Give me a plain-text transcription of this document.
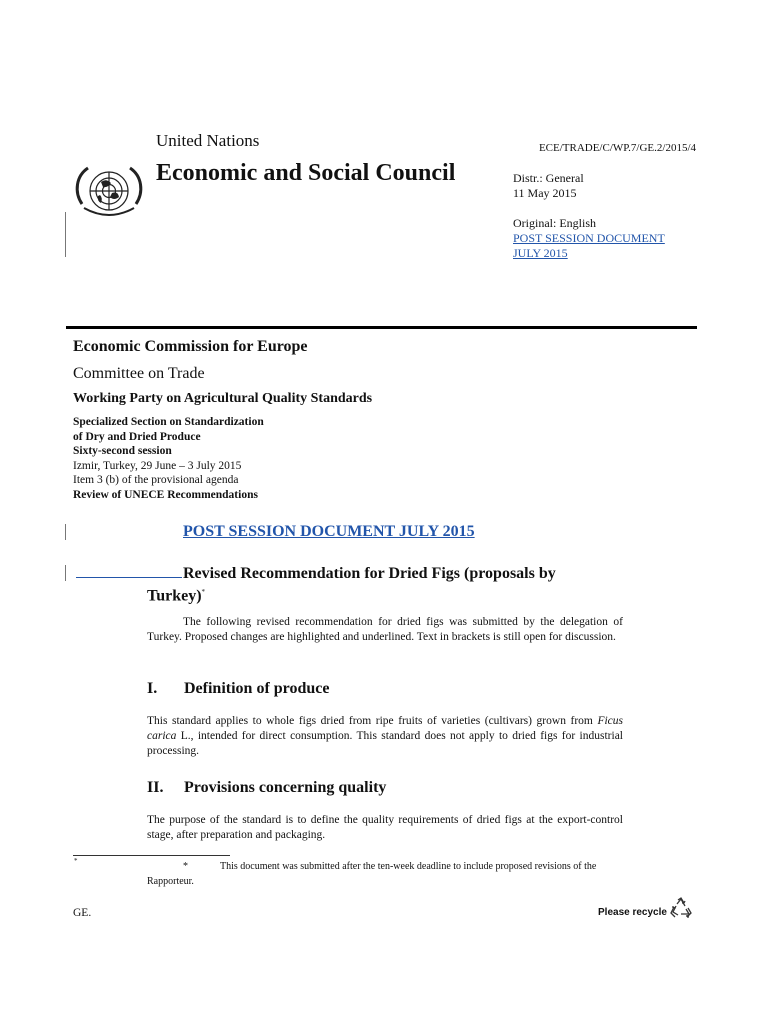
United Nations	ECE/TRADE/C/WP.7/GE.2/2015/4
Economic and Social Council	Distr.: General
11 May 2015
Original: English
POST SESSION DOCUMENT
JULY 2015
Economic Commission for Europe
Committee on Trade
Working Party on Agricultural Quality Standards
Specialized Section on Standardization
of Dry and Dried Produce
Sixty-second session
Izmir, Turkey, 29 June – 3 July 2015
Item 3 (b) of the provisional agenda
Review of UNECE Recommendations
POST SESSION DOCUMENT JULY 2015
Revised Recommendation for Dried Figs (proposals by Turkey)*
The following revised recommendation for dried figs was submitted by the delegation of Turkey. Proposed changes are highlighted and underlined. Text in brackets is still open for discussion.
I. Definition of produce
This standard applies to whole figs dried from ripe fruits of varieties (cultivars) grown from Ficus carica L., intended for direct consumption. This standard does not apply to dried figs for industrial processing.
II. Provisions concerning quality
The purpose of the standard is to define the quality requirements of dried figs at the export-control stage, after preparation and packaging.
*	*	This document was submitted after the ten-week deadline to include proposed revisions of the Rapporteur.
GE.	Please recycle
